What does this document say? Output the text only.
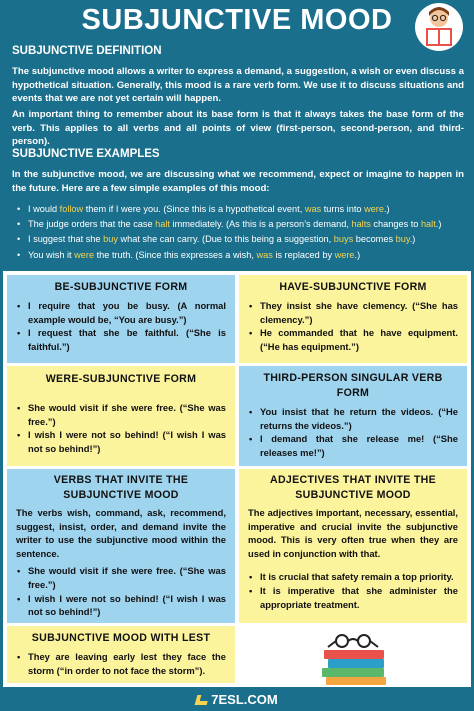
SUBJUNCTIVE MOOD
SUBJUNCTIVE DEFINITION
The subjunctive mood allows a writer to express a demand, a suggestion, a wish or even discuss a hypothetical situation. Generally, this mood is a rare verb form. We use it to discuss situations and events that we are not yet certain will happen.
An important thing to remember about its base form is that it always takes the base form of the verb. This applies to all verbs and all points of view (first-person, second-person, and third-person).
SUBJUNCTIVE EXAMPLES
In the subjunctive mood, we are discussing what we recommend, expect or imagine to happen in the future. Here are a few simple examples of this mood:
• I would follow them if I were you. (Since this is a hypothetical event, was turns into were.)
• The judge orders that the case halt immediately. (As this is a person’s demand, halts changes to halt.)
• I suggest that she buy what she can carry. (Due to this being a suggestion, buys becomes buy.)
• You wish it were the truth. (Since this expresses a wish, was is replaced by were.)
BE-SUBJUNCTIVE FORM
• I require that you be busy. (A normal example would be, “You are busy.”)
• I request that she be faithful. (“She is faithful.”)
HAVE-SUBJUNCTIVE FORM
• They insist she have clemency. (“She has clemency.”)
• He commanded that he have equipment. (“He has equipment.”)
WERE-SUBJUNCTIVE FORM
• She would visit if she were free. (“She was free.”)
• I wish I were not so behind! (“I wish I was not so behind!”)
THIRD-PERSON SINGULAR VERB FORM
• You insist that he return the videos. (“He returns the videos.”)
• I demand that she release me! (“She releases me!”)
VERBS THAT INVITE THE SUBJUNCTIVE MOOD

The verbs wish, command, ask, recommend, suggest, insist, order, and demand invite the writer to use the subjunctive mood within the sentence.

• She would visit if she were free. (“She was free.”)
• I wish I were not so behind! (“I wish I was not so behind!”)
ADJECTIVES THAT INVITE THE SUBJUNCTIVE MOOD

The adjectives important, necessary, essential, imperative and crucial invite the subjunctive mood. This is very often true when they are used in conjunction with that.

• It is crucial that safety remain a top priority.
• It is imperative that she administer the appropriate treatment.
SUBJUNCTIVE MOOD WITH LEST
• They are leaving early lest they face the storm (“in order to not face the storm”).
7ESL.COM
